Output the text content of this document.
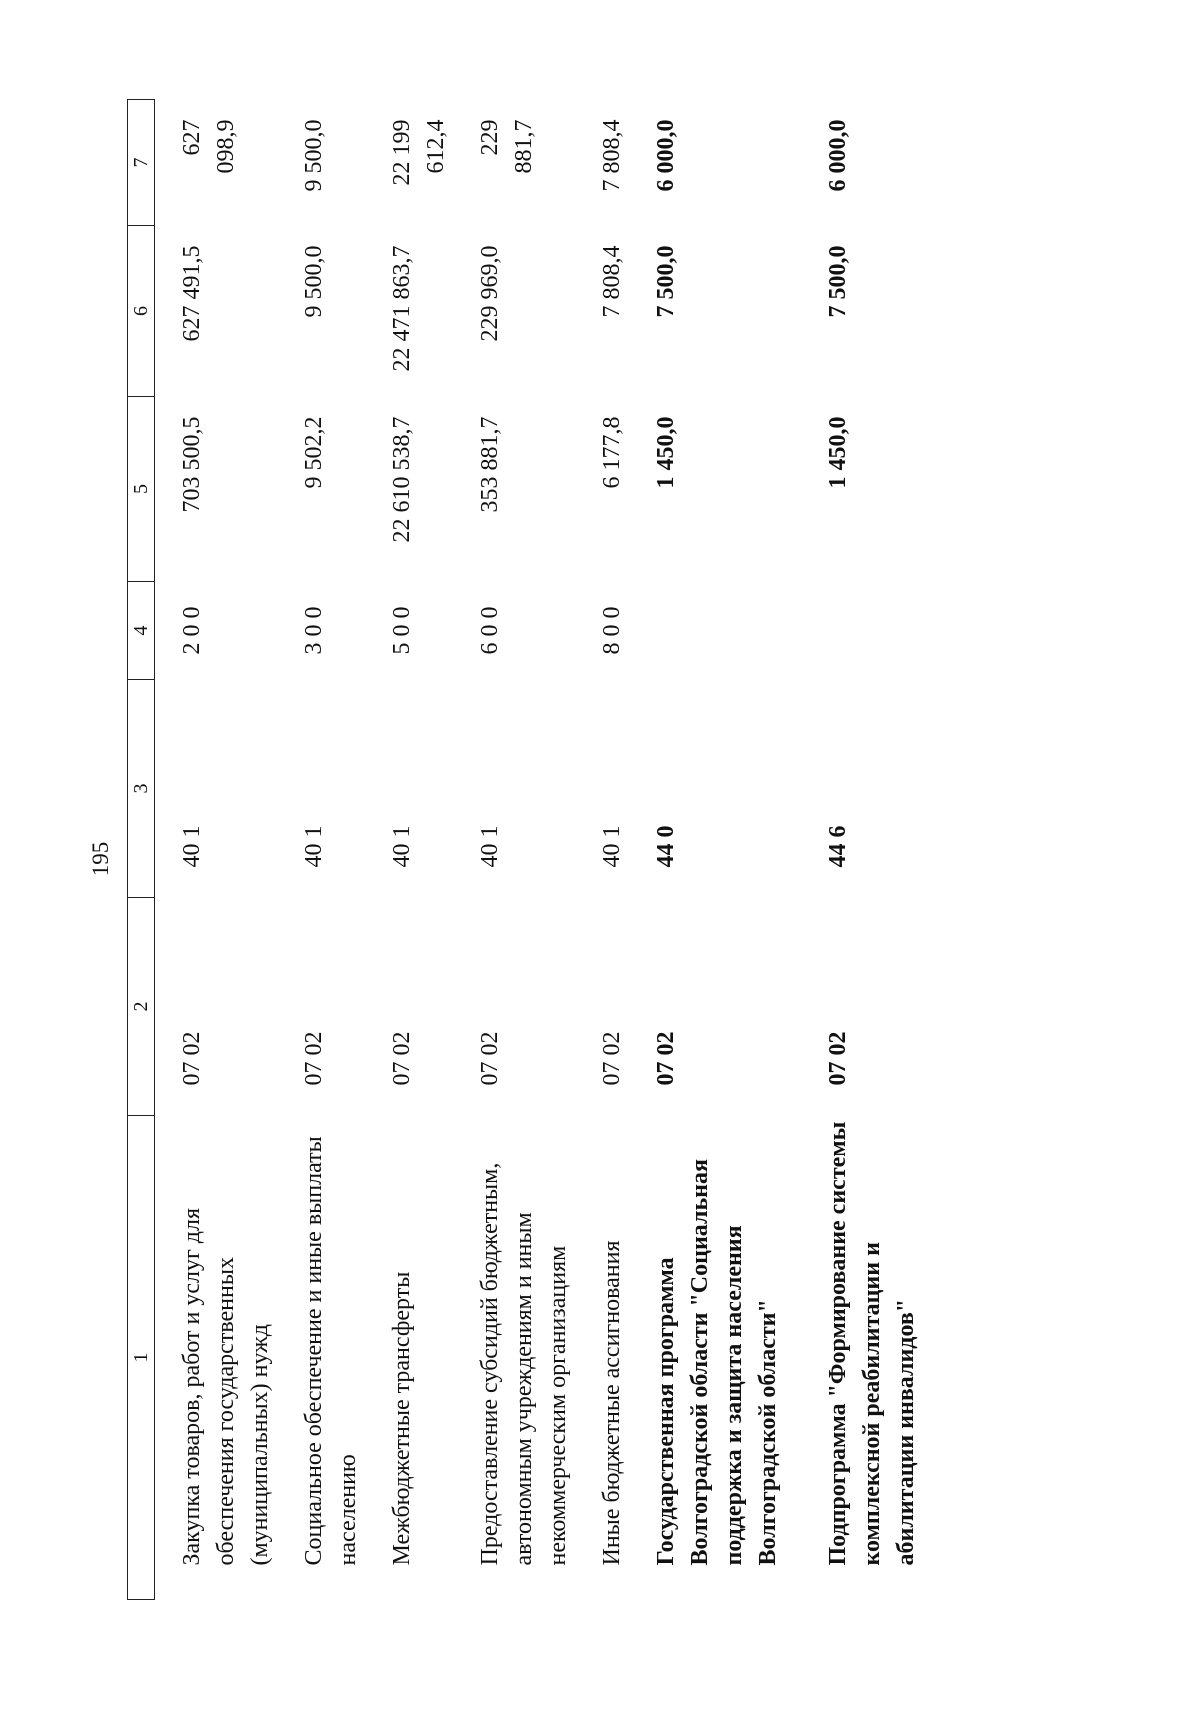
195
1	2	3	4	5	6	7
Закупка товаров, работ и услуг для обеспечения государственных (муниципальных) нужд	07 02	40 1	2 0 0	703 500,5	627 491,5	627 098,9
Социальное обеспечение и иные выплаты населению	07 02	40 1	3 0 0	9 502,2	9 500,0	9 500,0
Межбюджетные трансферты	07 02	40 1	5 0 0	22 610 538,7	22 471 863,7	22 199 612,4
Предоставление субсидий бюджетным, автономным учреждениям и иным некоммерческим организациям	07 02	40 1	6 0 0	353 881,7	229 969,0	229 881,7
Иные бюджетные ассигнования	07 02	40 1	8 0 0	6 177,8	7 808,4	7 808,4
Государственная программа Волгоградской области "Социальная поддержка и защита населения Волгоградской области"	07 02	44 0		1 450,0	7 500,0	6 000,0
Подпрограмма "Формирование системы комплексной реабилитации и абилитации инвалидов"	07 02	44 6		1 450,0	7 500,0	6 000,0
